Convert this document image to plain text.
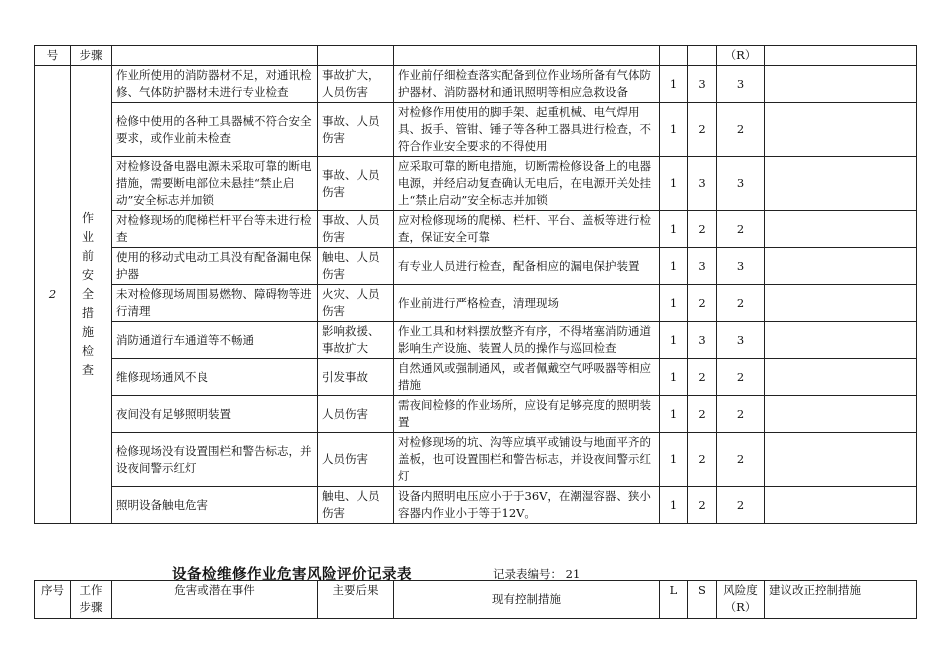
号	步骤						（R）	
2	作业前安全措施检查	作业所使用的消防器材不足，对通讯检修、气体防护器材未进行专业检查	事故扩大，人员伤害	作业前仔细检查落实配备到位作业场所备有气体防护器材、消防器材和通讯照明等相应急救设备	1	3	3	
		检修中使用的各种工具器械不符合安全要求，或作业前未检查	事故、人员伤害	对检修作用使用的脚手架、起重机械、电气焊用具、扳手、管钳、锤子等各种工器具进行检查，不符合作业安全要求的不得使用	1	2	2	
		对检修设备电器电源未采取可靠的断电措施，需要断电部位未悬挂“禁止启动”安全标志并加锁	事故、人员伤害	应采取可靠的断电措施，切断需检修设备上的电器电源，并经启动复查确认无电后，在电源开关处挂上“禁止启动”安全标志并加锁	1	3	3	
		对检修现场的爬梯栏杆平台等未进行检查	事故、人员伤害	应对检修现场的爬梯、栏杆、平台、盖板等进行检查，保证安全可靠	1	2	2	
		使用的移动式电动工具没有配备漏电保护器	触电、人员伤害	有专业人员进行检查，配备相应的漏电保护装置	1	3	3	
		未对检修现场周围易燃物、障碍物等进行清理	火灾、人员伤害	作业前进行严格检查，清理现场	1	2	2	
		消防通道行车通道等不畅通	影响救援、事故扩大	作业工具和材料摆放整齐有序，不得堵塞消防通道影响生产设施、装置人员的操作与巡回检查	1	3	3	
		维修现场通风不良	引发事故	自然通风或强制通风，或者佩戴空气呼吸器等相应措施	1	2	2	
		夜间没有足够照明装置	人员伤害	需夜间检修的作业场所，应设有足够亮度的照明装置	1	2	2	
		检修现场没有设置围栏和警告标志，并设夜间警示红灯	人员伤害	对检修现场的坑、沟等应填平或铺设与地面平齐的盖板，也可设置围栏和警告标志，并设夜间警示红灯	1	2	2	
		照明设备触电危害	触电、人员伤害	设备内照明电压应小于于36V，在潮湿容器、狭小容器内作业小于等于12V。	1	2	2	
设备检维修作业危害风险评价记录表	记录表编号： 21
序号	工作步骤	危害或潜在事件	主要后果	现有控制措施	L	S	风险度（R）	建议改正控制措施
